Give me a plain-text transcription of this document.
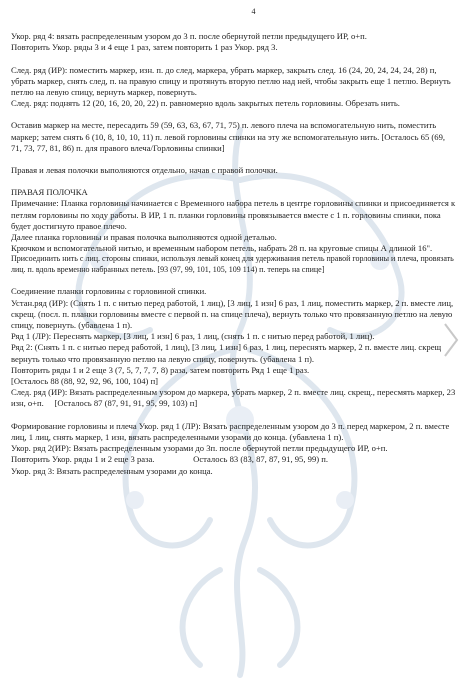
4

Укор. ряд 4: вязать распределенным узором до 3 п. после обернутой петли предыдущего ИР, о+п.

Повторить Укор. ряды 3 и 4 еще 1 раз, затем повторить 1 раз Укор. ряд 3.

След. ряд (ИР): поместить маркер, изн. п. до след, маркера, убрать маркер, закрыть след. 16 (24, 20, 24, 24, 24, 28) п, убрать маркер, снять след, п. на правую спицу и протянуть вторую петлю над ней, чтобы закрыть еще 1 петлю. Вернуть петлю на левую спицу, вернуть маркер, повернуть.

След. ряд: поднять 12 (20, 16, 20, 20, 22) п. равномерно вдоль закрытых петель горловины. Обрезать нить.

Оставив маркер на месте, пересадить 59 (59, 63, 63, 67, 71, 75) п. левого плеча на вспомогательную нить, поместить маркер; затем снять 6 (10, 8, 10, 10, 11) п. левой горловины спинки на эту же вспомогательную нить. [Осталось 65 (69, 71, 73, 77, 81, 86) п. для правого влеча/Горловины спинки]

Правая и левая полочки выполняются отдельно, начав с правой полочки.

ПРАВАЯ ПОЛОЧКА

Примечание: Планка горловины начинается с Временного набора петель в центре горловины спинки и присоединяется к петлям горловины по ходу работы. В ИР, 1 п. планки горловины провязывается вместе с 1 п. горловины спинки, пока будет достигнуто правое плечо.

Далее планка горловины и правая полочка выполняются одной деталью.

Крючком и вспомогательной нитью, и временным набором петель, набрать 28 п. на круговые спицы А длиной 16".

Присоединить нить с лиц. стороны спинки, используя левый конец для удерживания петель правой горловины и плеча, провязать лиц. п. вдоль временно набранных петель. [93 (97, 99, 101, 105, 109 114) п. теперь на спице]

Соединение планки горловины с горловиной спинки.

Устан.ряд (ИР): (Снять 1 п. с нитью перед работой, 1 лиц), [3 лиц, 1 изн] 6 раз, 1 лиц, поместить маркер, 2 п. вместе лиц, скрещ. (посл. п. планки горловины вместе с первой п. на спице плеча), вернуть только что провязанную петлю на левую спицу, повернуть. (убавлена 1 п).

Ряд 1 (ЛР): Переснять маркер, [3 лиц, 1 изн] 6 раз, 1 лиц, (снять 1 п. с нитью перед работой, 1 лиц).

Ряд 2: (Снять 1 п. с нитью перед работой, 1 лиц), [3 лиц, 1 изн] 6 раз, 1 лиц, переснять маркер, 2 п. вместе лиц. скрещ вернуть только что провязанную петлю на левую спицу, повернуть. (убавлена 1 п).

Повторить ряды 1 и 2 еще 3 (7, 5, 7, 7, 7, 8) раза, затем повторить Ряд 1 еще 1 раз.

[Осталось 88 (88, 92, 92, 96, 100, 104) п]

След. ряд (ИР): Вязать распределенным узором до маркера, убрать маркер, 2 п. вместе лиц. скрещ., пересмять маркер, 23 изн, о+п. [Осталось 87 (87, 91, 91, 95, 99, 103) п]

Формирование горловины и плеча Укор. ряд 1 (ЛР): Вязать распределенным узором до 3 п. перед маркером, 2 п. вместе лиц, 1 лиц, снять маркер, 1 изн, вязать распределенными узорами до конца. (убавлена 1 п).

Укор. ряд 2(ИР): Вязать распределенным узорами до 3п. после обернутой петли предыдущего ИР, о+п.

Повторить Укор. ряды 1 и 2 еще 3 раза.	Осталось 83 (83, 87, 87, 91, 95, 99) п.

Укор. ряд 3: Вязать распределенным узорами до конца.
